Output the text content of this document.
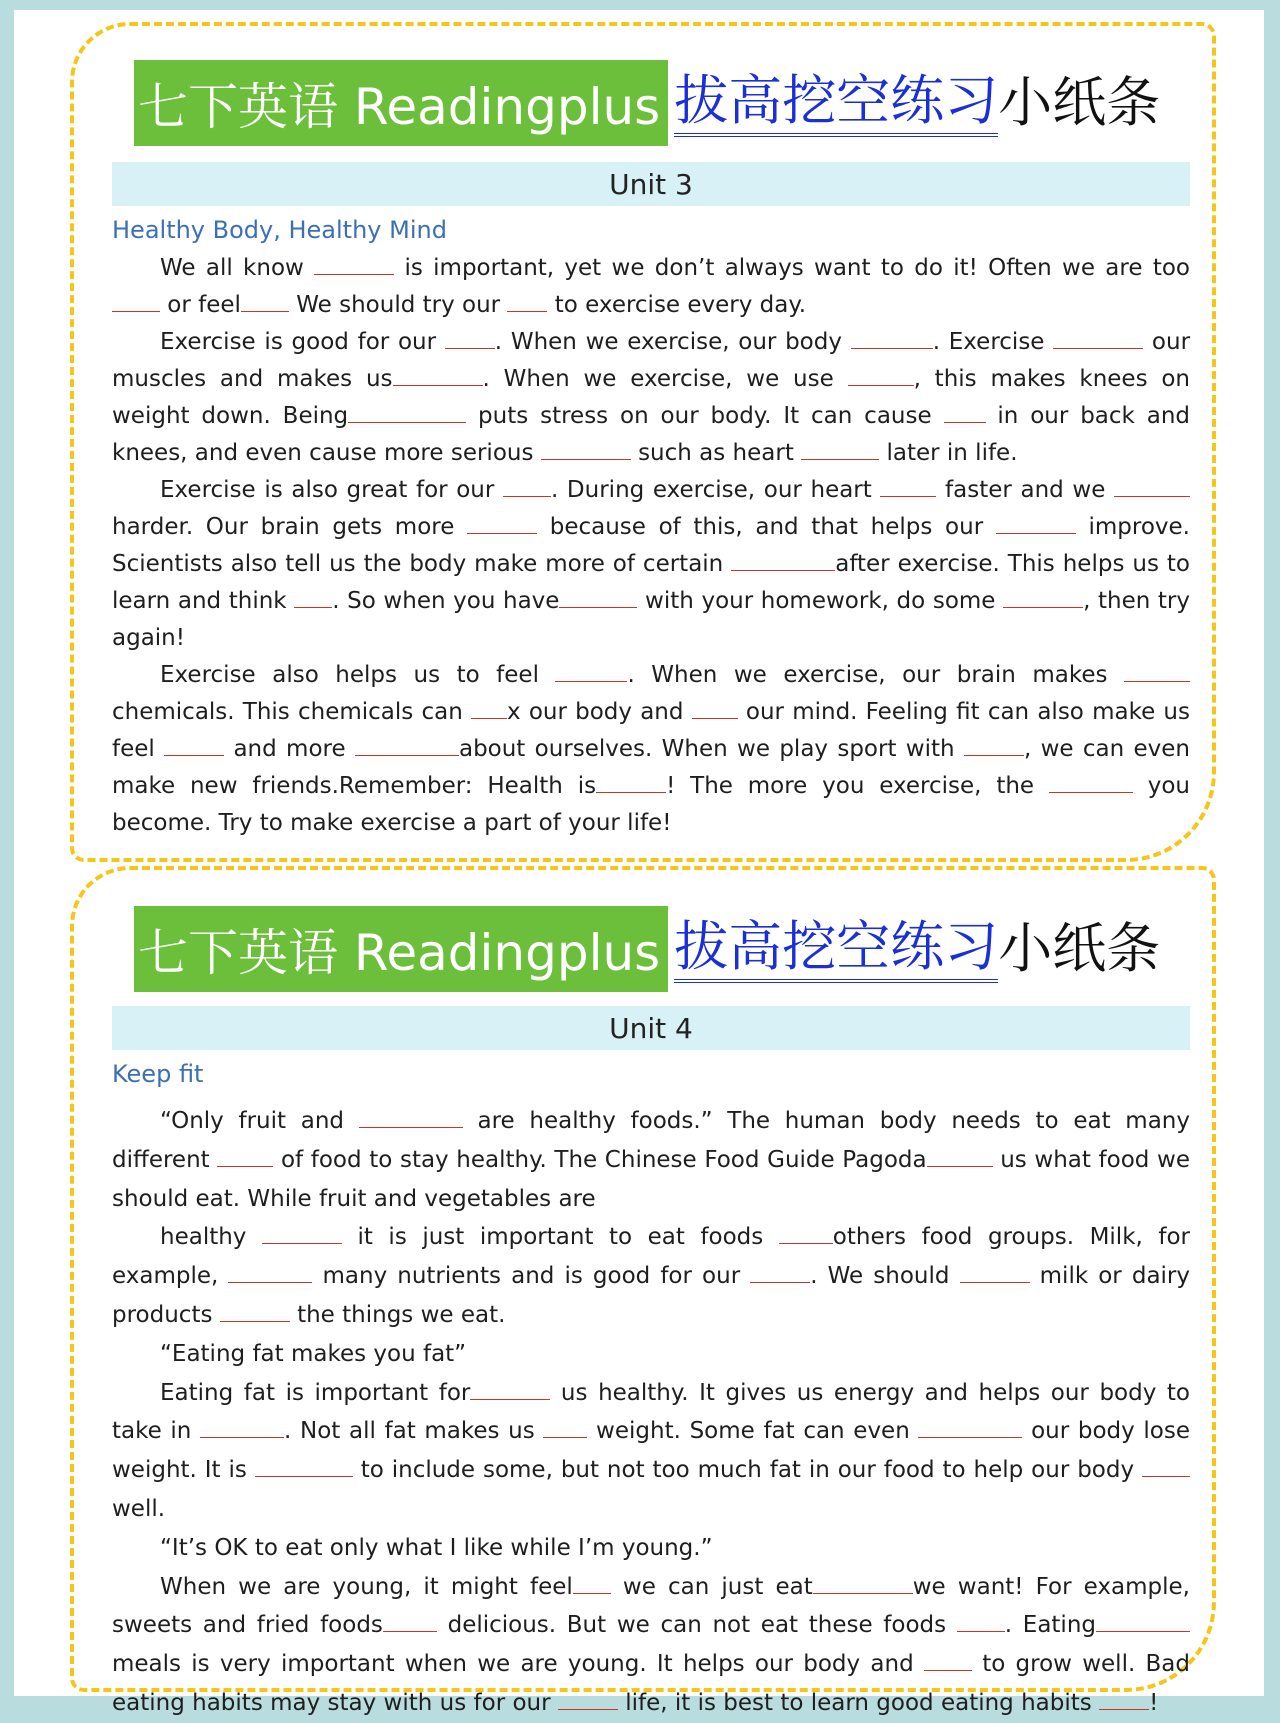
七下英语 Readingplus 拔高挖空练习 小纸条
Unit 3
Healthy Body, Healthy Mind

We all know	is important, yet we don’t always want to do it! Often we are too  or feel We should try our  to exercise every day.

Exercise is good for our . When we exercise, our body	. Exercise	our muscles and makes us	. When we exercise, we use	, this makes knees on weight down. Being	puts stress on our body. It can cause  in our back and knees, and even cause more serious	such as heart	later in life.

Exercise is also great for our . During exercise, our heart  faster and we  harder. Our brain gets more	because of this, and that helps our	improve. Scientists also tell us the body make more of certain	after exercise. This helps us to learn and think . So when you have	with your homework, do some	, then try again!

Exercise also helps us to feel	. When we exercise, our brain makes  chemicals. This chemicals can x our body and  our mind. Feeling fit can also make us feel	and more	about ourselves. When we play sport with	, we can even make new friends.Remember: Health is	! The more you exercise, the	you become. Try to make exercise a part of your life!

七下英语 Readingplus 拔高挖空练习 小纸条
Unit 4
Keep fit

“Only fruit and	are healthy foods.” The human body needs to eat many different  of food to stay healthy. The Chinese Food Guide Pagoda	us what food we should eat. While fruit and vegetables are

healthy	it is just important to eat foods others food groups. Milk, for example,	many nutrients and is good for our	. We should	milk or dairy products	the things we eat.

“Eating fat makes you fat”

Eating fat is important for	us healthy. It gives us energy and helps our body to take in	. Not all fat makes us  weight. Some fat can even	our body lose weight. It is	to include some, but not too much fat in our food to help our body  well.

“It’s OK to eat only what I like while I’m young.”

When we are young, it might feel we can just eat	we want! For example, sweets and fried foods delicious. But we can not eat these foods . Eating meals is very important when we are young. It helps our body and  to grow well. Bad eating habits may stay with us for our	life, it is best to learn good eating habits !
